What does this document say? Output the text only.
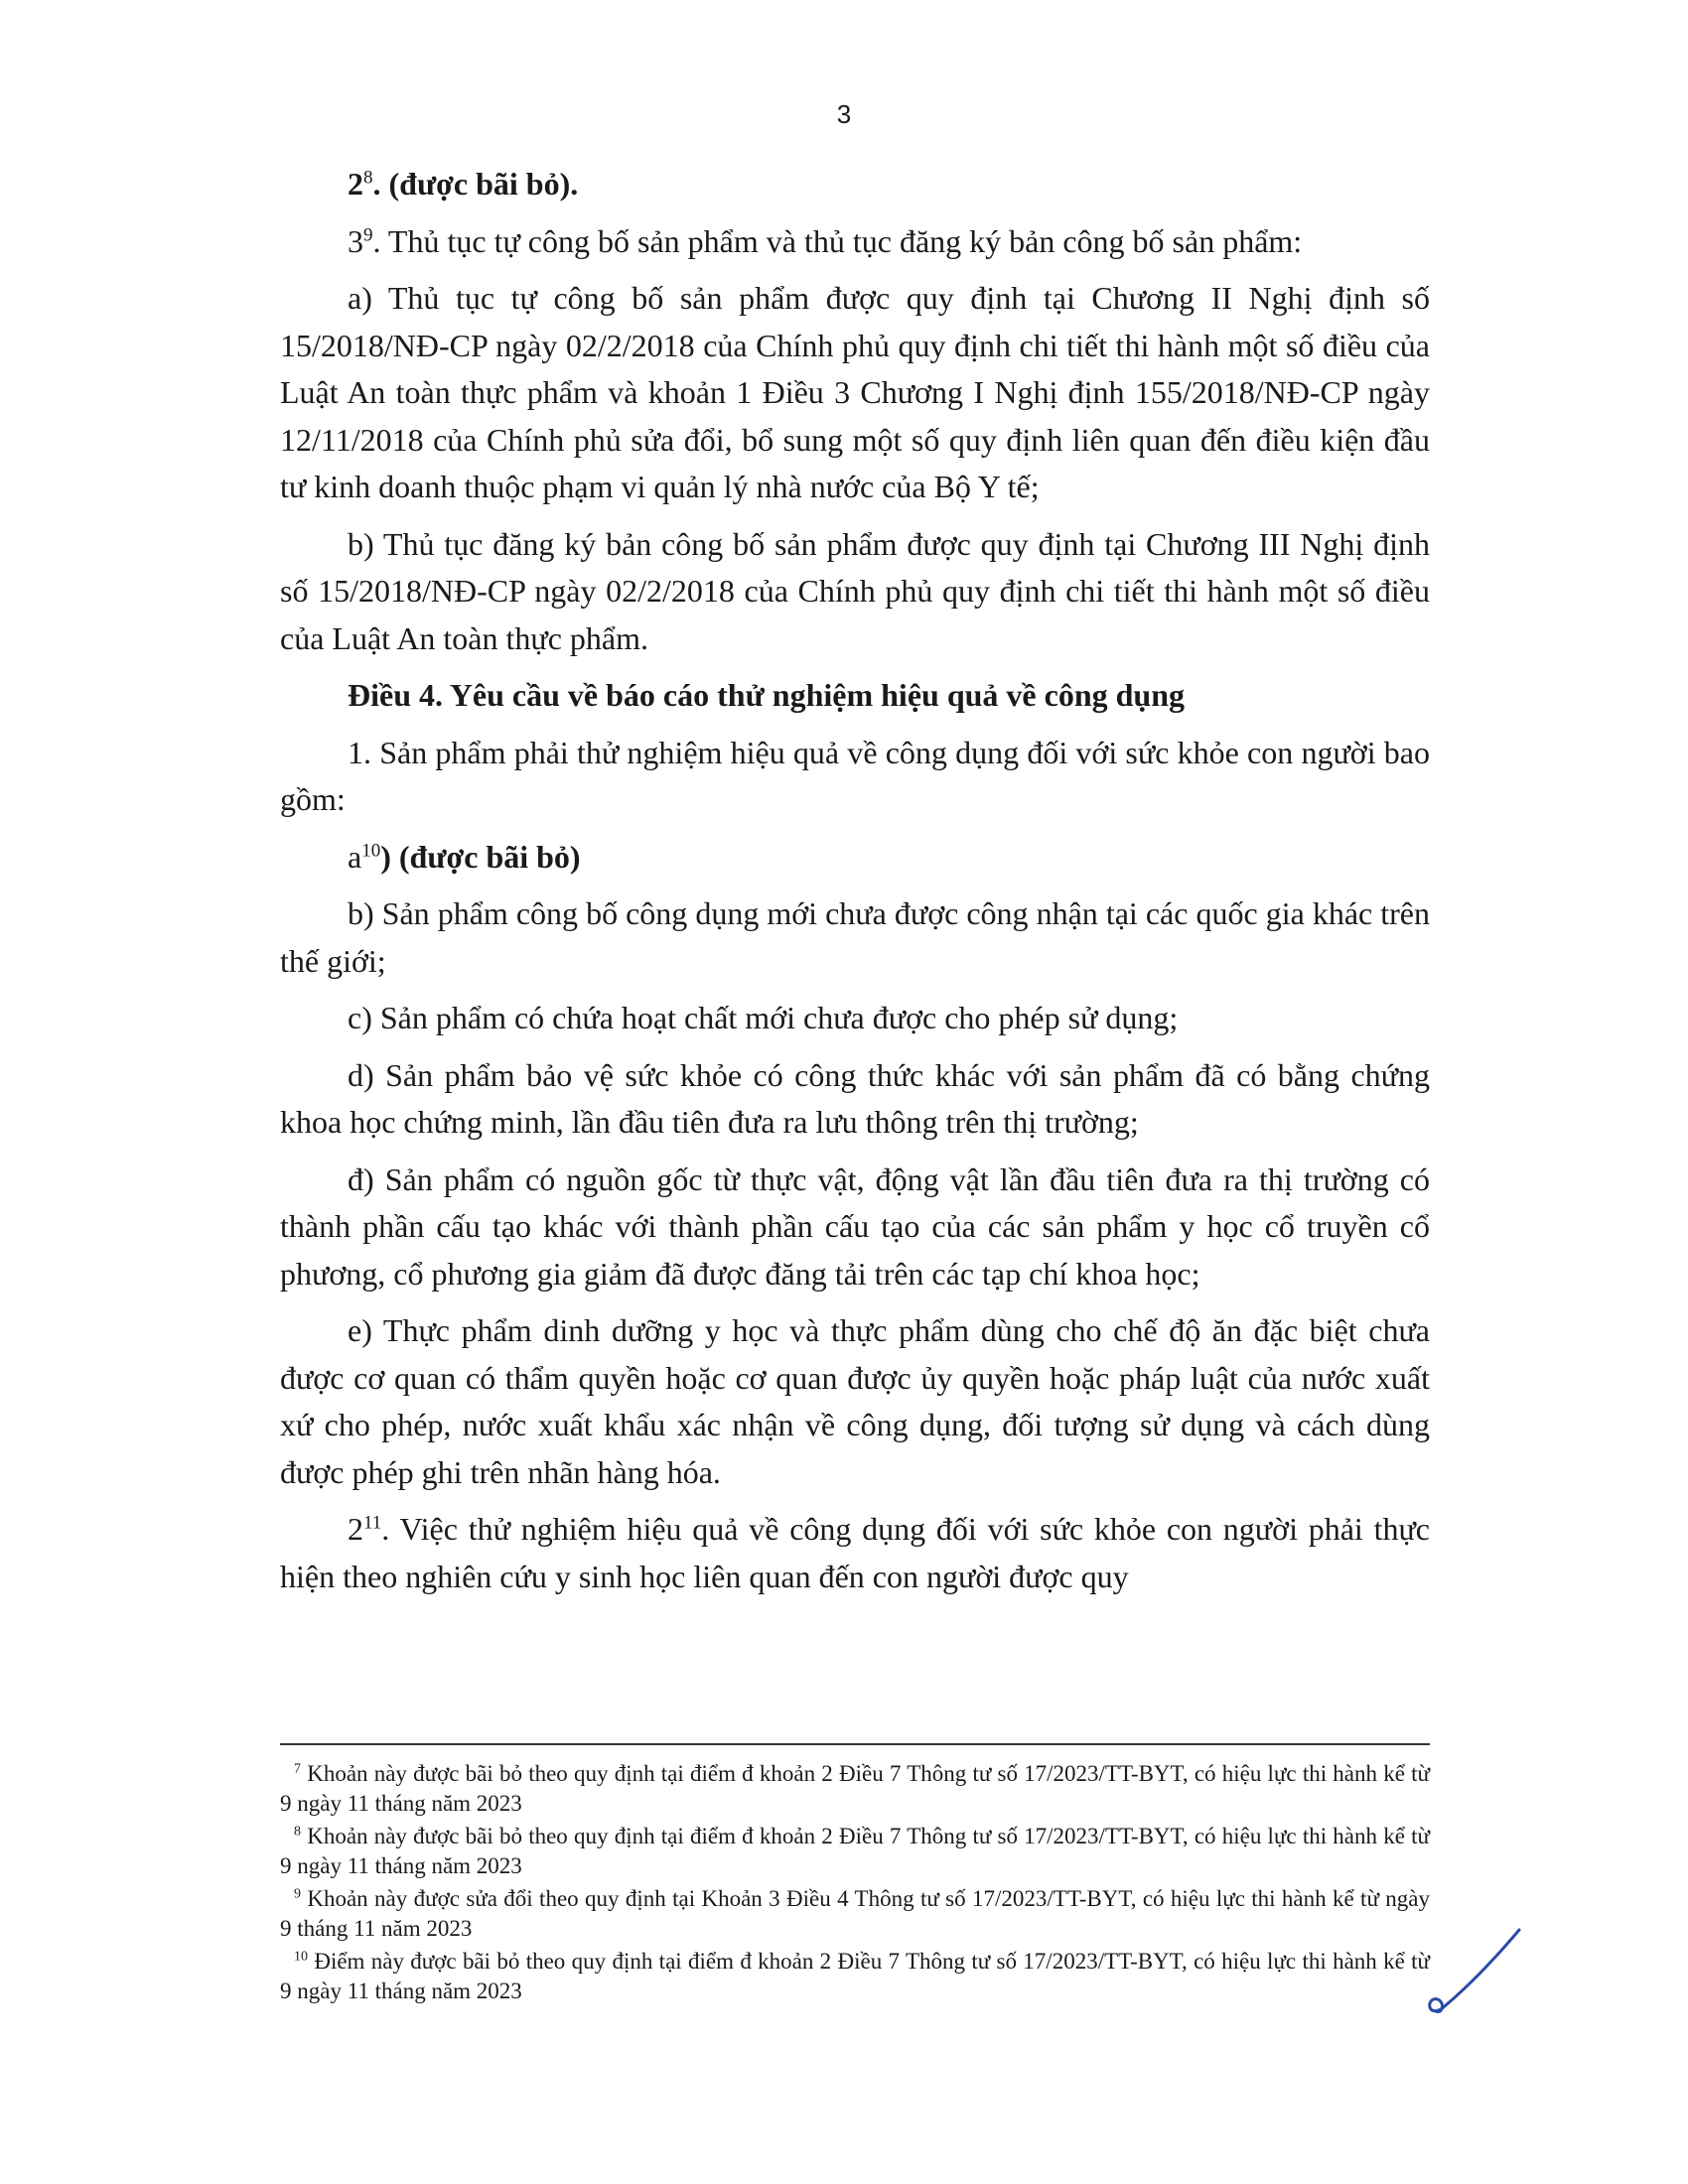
3

$2^8$. (được bãi bỏ).

$3^9$. Thủ tục tự công bố sản phẩm và thủ tục đăng ký bản công bố sản phẩm:

a) Thủ tục tự công bố sản phẩm được quy định tại Chương II Nghị định số 15/2018/NĐ-CP ngày 02/2/2018 của Chính phủ quy định chi tiết thi hành một số điều của Luật An toàn thực phẩm và khoản 1 Điều 3 Chương I Nghị định 155/2018/NĐ-CP ngày 12/11/2018 của Chính phủ sửa đổi, bổ sung một số quy định liên quan đến điều kiện đầu tư kinh doanh thuộc phạm vi quản lý nhà nước của Bộ Y tế;

b) Thủ tục đăng ký bản công bố sản phẩm được quy định tại Chương III Nghị định số 15/2018/NĐ-CP ngày 02/2/2018 của Chính phủ quy định chi tiết thi hành một số điều của Luật An toàn thực phẩm.

Điều 4. Yêu cầu về báo cáo thử nghiệm hiệu quả về công dụng

1. Sản phẩm phải thử nghiệm hiệu quả về công dụng đối với sức khỏe con người bao gồm:

$a^{10}$) (được bãi bỏ)

b) Sản phẩm công bố công dụng mới chưa được công nhận tại các quốc gia khác trên thế giới;

c) Sản phẩm có chứa hoạt chất mới chưa được cho phép sử dụng;

d) Sản phẩm bảo vệ sức khỏe có công thức khác với sản phẩm đã có bằng chứng khoa học chứng minh, lần đầu tiên đưa ra lưu thông trên thị trường;

đ) Sản phẩm có nguồn gốc từ thực vật, động vật lần đầu tiên đưa ra thị trường có thành phần cấu tạo khác với thành phần cấu tạo của các sản phẩm y học cổ truyền cổ phương, cổ phương gia giảm đã được đăng tải trên các tạp chí khoa học;

e) Thực phẩm dinh dưỡng y học và thực phẩm dùng cho chế độ ăn đặc biệt chưa được cơ quan có thẩm quyền hoặc cơ quan được ủy quyền hoặc pháp luật của nước xuất xứ cho phép, nước xuất khẩu xác nhận về công dụng, đối tượng sử dụng và cách dùng được phép ghi trên nhãn hàng hóa.

$2^{11}$. Việc thử nghiệm hiệu quả về công dụng đối với sức khỏe con người phải thực hiện theo nghiên cứu y sinh học liên quan đến con người được quy

$^7$ Khoản này được bãi bỏ theo quy định tại điểm đ khoản 2 Điều 7 Thông tư số 17/2023/TT-BYT, có hiệu lực thi hành kể từ 9 ngày 11 tháng năm 2023
$^8$ Khoản này được bãi bỏ theo quy định tại điểm đ khoản 2 Điều 7 Thông tư số 17/2023/TT-BYT, có hiệu lực thi hành kể từ 9 ngày 11 tháng năm 2023
$^9$ Khoản này được sửa đổi theo quy định tại Khoản 3 Điều 4 Thông tư số 17/2023/TT-BYT, có hiệu lực thi hành kể từ ngày 9 tháng 11 năm 2023
$^{10}$ Điểm này được bãi bỏ theo quy định tại điểm đ khoản 2 Điều 7 Thông tư số 17/2023/TT-BYT, có hiệu lực thi hành kể từ 9 ngày 11 tháng năm 2023
